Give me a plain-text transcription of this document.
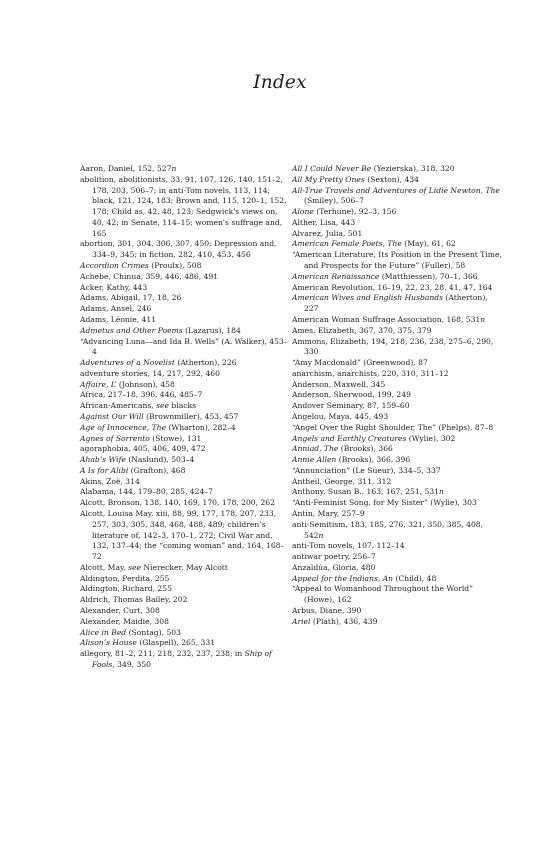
Index
Aaron, Daniel, 152, 527n
abolition, abolitionists, 33, 91, 107, 126, 140, 151–2, 178, 203, 506–7; in anti-Tom novels, 113, 114; black, 121, 124, 183; Brown and, 115, 120–1, 152, 178; Child as, 42, 48, 123; Sedgwick's views on, 40, 42; in Senate, 114–15; women's suffrage and, 165
abortion, 301, 304, 306, 307, 450; Depression and, 334–9, 345; in fiction, 282, 410, 453, 456
Accordion Crimes (Proulx), 508
Achebe, Chinua, 359, 446, 486, 491
Acker, Kathy, 443
Adams, Abigail, 17, 18, 26
Adams, Ansel, 246
Adams, Léonie, 411
Admetus and Other Poems (Lazarus), 184
“Advancing Luna—and Ida B. Wells” (A. Walker), 453–4
Adventures of a Novelist (Atherton), 226
adventure stories, 14, 217, 292, 460
Affaire, L’ (Johnson), 458
Africa, 217–18, 396, 446, 485–7
African-Americans, see blacks
Against Our Will (Brownmiller), 453, 457
Age of Innocence, The (Wharton), 282–4
Agnes of Sorrento (Stowe), 131
agoraphobia, 405, 406, 409, 472
Ahab’s Wife (Naslund), 503–4
A Is for Alibi (Grafton), 468
Akins, Zoë, 314
Alabama, 144, 179–80, 285, 424–7
Alcott, Bronson, 138, 140, 169, 170, 178, 200, 262
Alcott, Louisa May, xiii, 88, 99, 177, 178, 207, 233, 257, 303, 305, 348, 468, 488, 489; children’s literature of, 142–3, 170–1, 272; Civil War and, 132, 137–44; the “coming woman” and, 164, 168–72
Alcott, May, see Nierecker, May Alcott
Aldington, Perdita, 255
Aldington, Richard, 255
Aldrich, Thomas Bailey, 202
Alexander, Curt, 308
Alexander, Maidie, 308
Alice in Bed (Sontag), 503
Alison’s House (Glaspell), 265, 331
allegory, 81–2, 211, 218, 232, 237, 238; in Ship of Fools, 349, 350
All I Could Never Be (Yezierska), 318, 320
All My Pretty Ones (Sexton), 434
All-True Travels and Adventures of Lidie Newton, The (Smiley), 506–7
Alone (Terhune), 92–3, 156
Alther, Lisa, 443
Alvarez, Julia, 501
American Female Poets, The (May), 61, 62
“American Literature, Its Position in the Present Time, and Prospects for the Future” (Fuller), 58
American Renaissance (Matthiessen), 70–1, 366
American Revolution, 16–19, 22, 23, 28, 41, 47, 164
American Wives and English Husbands (Atherton), 227
American Woman Suffrage Association, 168, 531n
Ames, Elizabeth, 367, 370, 375, 379
Ammons, Elizabeth, 194, 218, 236, 238, 275–6, 290, 330
“Amy Macdonald” (Greenwood), 87
anarchism, anarchists, 220, 310, 311–12
Anderson, Maxwell, 345
Anderson, Sherwood, 199, 249
Andover Seminary, 87, 159–60
Angelou, Maya, 445, 493
“Angel Over the Right Shoulder, The” (Phelps), 87–8
Angels and Earthly Creatures (Wylie), 302
Anniad, The (Brooks), 366
Annie Allen (Brooks), 366, 396
“Annunciation” (Le Sueur), 334–5, 337
Antheil, George, 311, 312
Anthony, Susan B., 163, 167, 251, 531n
“Anti-Feminist Song, for My Sister” (Wylie), 303
Antin, Mary, 257–9
anti-Semitism, 183, 185, 276, 321, 350, 385, 408, 542n
anti-Tom novels, 107, 112–14
antiwar poetry, 256–7
Anzaldúa, Gloria, 480
Appeal for the Indians, An (Child), 48
“Appeal to Womanhood Throughout the World” (Howe), 162
Arbus, Diane, 390
Ariel (Plath), 436, 439
